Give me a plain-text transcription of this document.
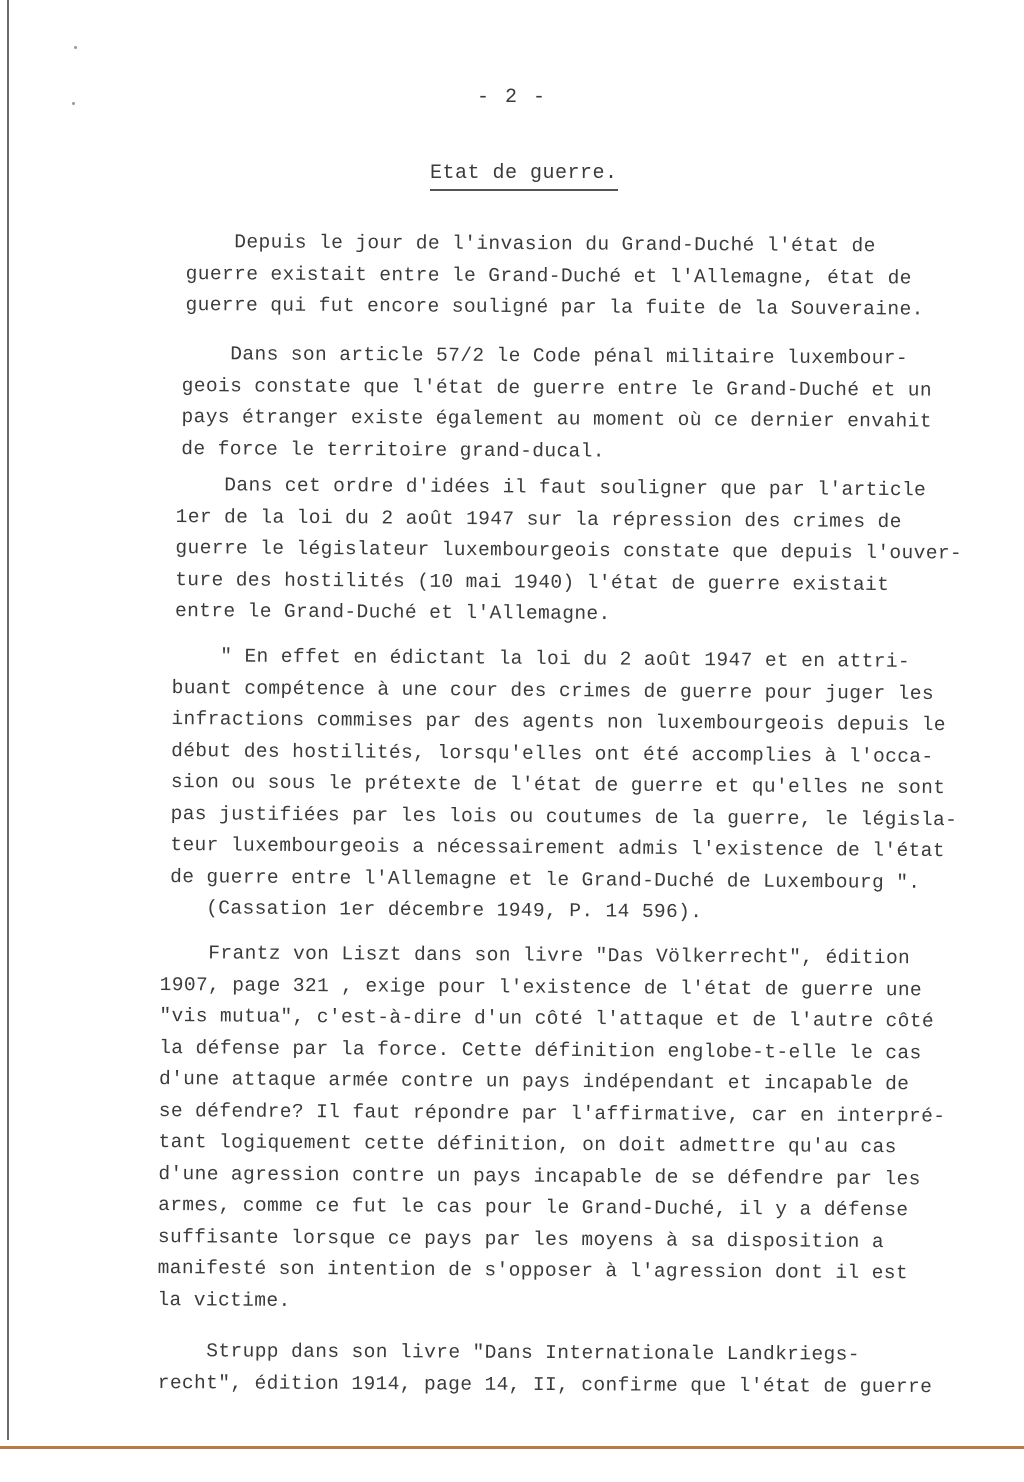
- 2 -
Etat de guerre.
Depuis le jour de l'invasion du Grand-Duché l'état de
guerre existait entre le Grand-Duché et l'Allemagne, état de
guerre qui fut encore souligné par la fuite de la Souveraine.
Dans son article 57/2 le Code pénal militaire luxembour-
geois constate que l'état de guerre entre le Grand-Duché et un
pays étranger existe également au moment où ce dernier envahit
de force le territoire grand-ducal.
Dans cet ordre d'idées il faut souligner que par l'article
1er de la loi du 2 août 1947 sur la répression des crimes de
guerre le législateur luxembourgeois constate que depuis l'ouver-
ture des hostilités (10 mai 1940) l'état de guerre existait
entre le Grand-Duché et l'Allemagne.
" En effet en édictant la loi du 2 août 1947 et en attri-
buant compétence à une cour des crimes de guerre pour juger les
infractions commises par des agents non luxembourgeois depuis le
début des hostilités, lorsqu'elles ont été accomplies à l'occa-
sion ou sous le prétexte de l'état de guerre et qu'elles ne sont
pas justifiées par les lois ou coutumes de la guerre, le législa-
teur luxembourgeois a nécessairement admis l'existence de l'état
de guerre entre l'Allemagne et le Grand-Duché de Luxembourg ".
(Cassation 1er décembre 1949, P. 14 596).
Frantz von Liszt dans son livre "Das Völkerrecht", édition
1907, page 321 , exige pour l'existence de l'état de guerre une
"vis mutua", c'est-à-dire d'un côté l'attaque et de l'autre côté
la défense par la force. Cette définition englobe-t-elle le cas
d'une attaque armée contre un pays indépendant et incapable de
se défendre? Il faut répondre par l'affirmative, car en interpré-
tant logiquement cette définition, on doit admettre qu'au cas
d'une agression contre un pays incapable de se défendre par les
armes, comme ce fut le cas pour le Grand-Duché, il y a défense
suffisante lorsque ce pays par les moyens à sa disposition a
manifesté son intention de s'opposer à l'agression dont il est
la victime.
Strupp dans son livre "Dans Internationale Landkriegs-
recht", édition 1914, page 14, II, confirme que l'état de guerre
